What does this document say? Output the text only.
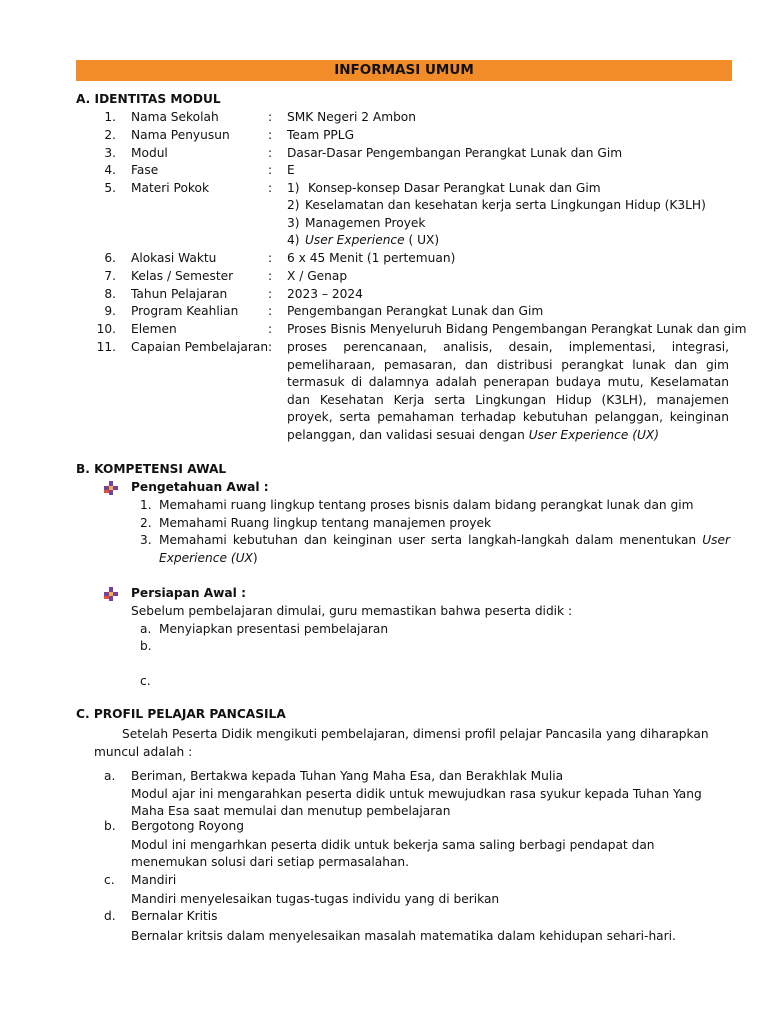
INFORMASI UMUM
A. IDENTITAS MODUL
1. Nama Sekolah	: SMK Negeri 2 Ambon
2. Nama Penyusun	: Team PPLG
3. Modul	: Dasar-Dasar Pengembangan Perangkat Lunak dan Gim
4. Fase	: E
5. Materi Pokok	: 1) Konsep-konsep Dasar Perangkat Lunak dan Gim
2) Keselamatan dan kesehatan kerja serta Lingkungan Hidup (K3LH)
3) Managemen Proyek
4) User Experience ( UX)
6. Alokasi Waktu	: 6 x 45 Menit (1 pertemuan)
7. Kelas / Semester	: X / Genap
8. Tahun Pelajaran	: 2023 – 2024
9. Program Keahlian : Pengembangan Perangkat Lunak dan Gim
10. Elemen	: Proses Bisnis Menyeluruh Bidang Pengembangan Perangkat Lunak dan gim
11. Capaian Pembelajaran : proses perencanaan, analisis, desain, implementasi, integrasi, pemeliharaan, pemasaran, dan distribusi perangkat lunak dan gim termasuk di dalamnya adalah penerapan budaya mutu, Keselamatan dan Kesehatan Kerja serta Lingkungan Hidup (K3LH), manajemen proyek, serta pemahaman terhadap kebutuhan pelanggan, keinginan pelanggan, dan validasi sesuai dengan User Experience (UX)
B. KOMPETENSI AWAL
Pengetahuan Awal :
1. Memahami ruang lingkup tentang proses bisnis dalam bidang perangkat lunak dan gim
2. Memahami Ruang lingkup tentang manajemen proyek
3. Memahami kebutuhan dan keinginan user serta langkah-langkah dalam menentukan User Experience (UX)
Persiapan Awal :
Sebelum pembelajaran dimulai, guru memastikan bahwa peserta didik :
a. Menyiapkan presentasi pembelajaran
b.
c.
C. PROFIL PELAJAR PANCASILA
Setelah Peserta Didik mengikuti pembelajaran, dimensi profil pelajar Pancasila yang diharapkan muncul adalah :
a. Beriman, Bertakwa kepada Tuhan Yang Maha Esa, dan Berakhlak Mulia
Modul ajar ini mengarahkan peserta didik untuk mewujudkan rasa syukur kepada Tuhan Yang Maha Esa saat memulai dan menutup pembelajaran
b. Bergotong Royong
Modul ini mengarhkan peserta didik untuk bekerja sama saling berbagi pendapat dan menemukan solusi dari setiap permasalahan.
c. Mandiri
Mandiri menyelesaikan tugas-tugas individu yang di berikan
d. Bernalar Kritis
Bernalar kritsis dalam menyelesaikan masalah matematika dalam kehidupan sehari-hari.
